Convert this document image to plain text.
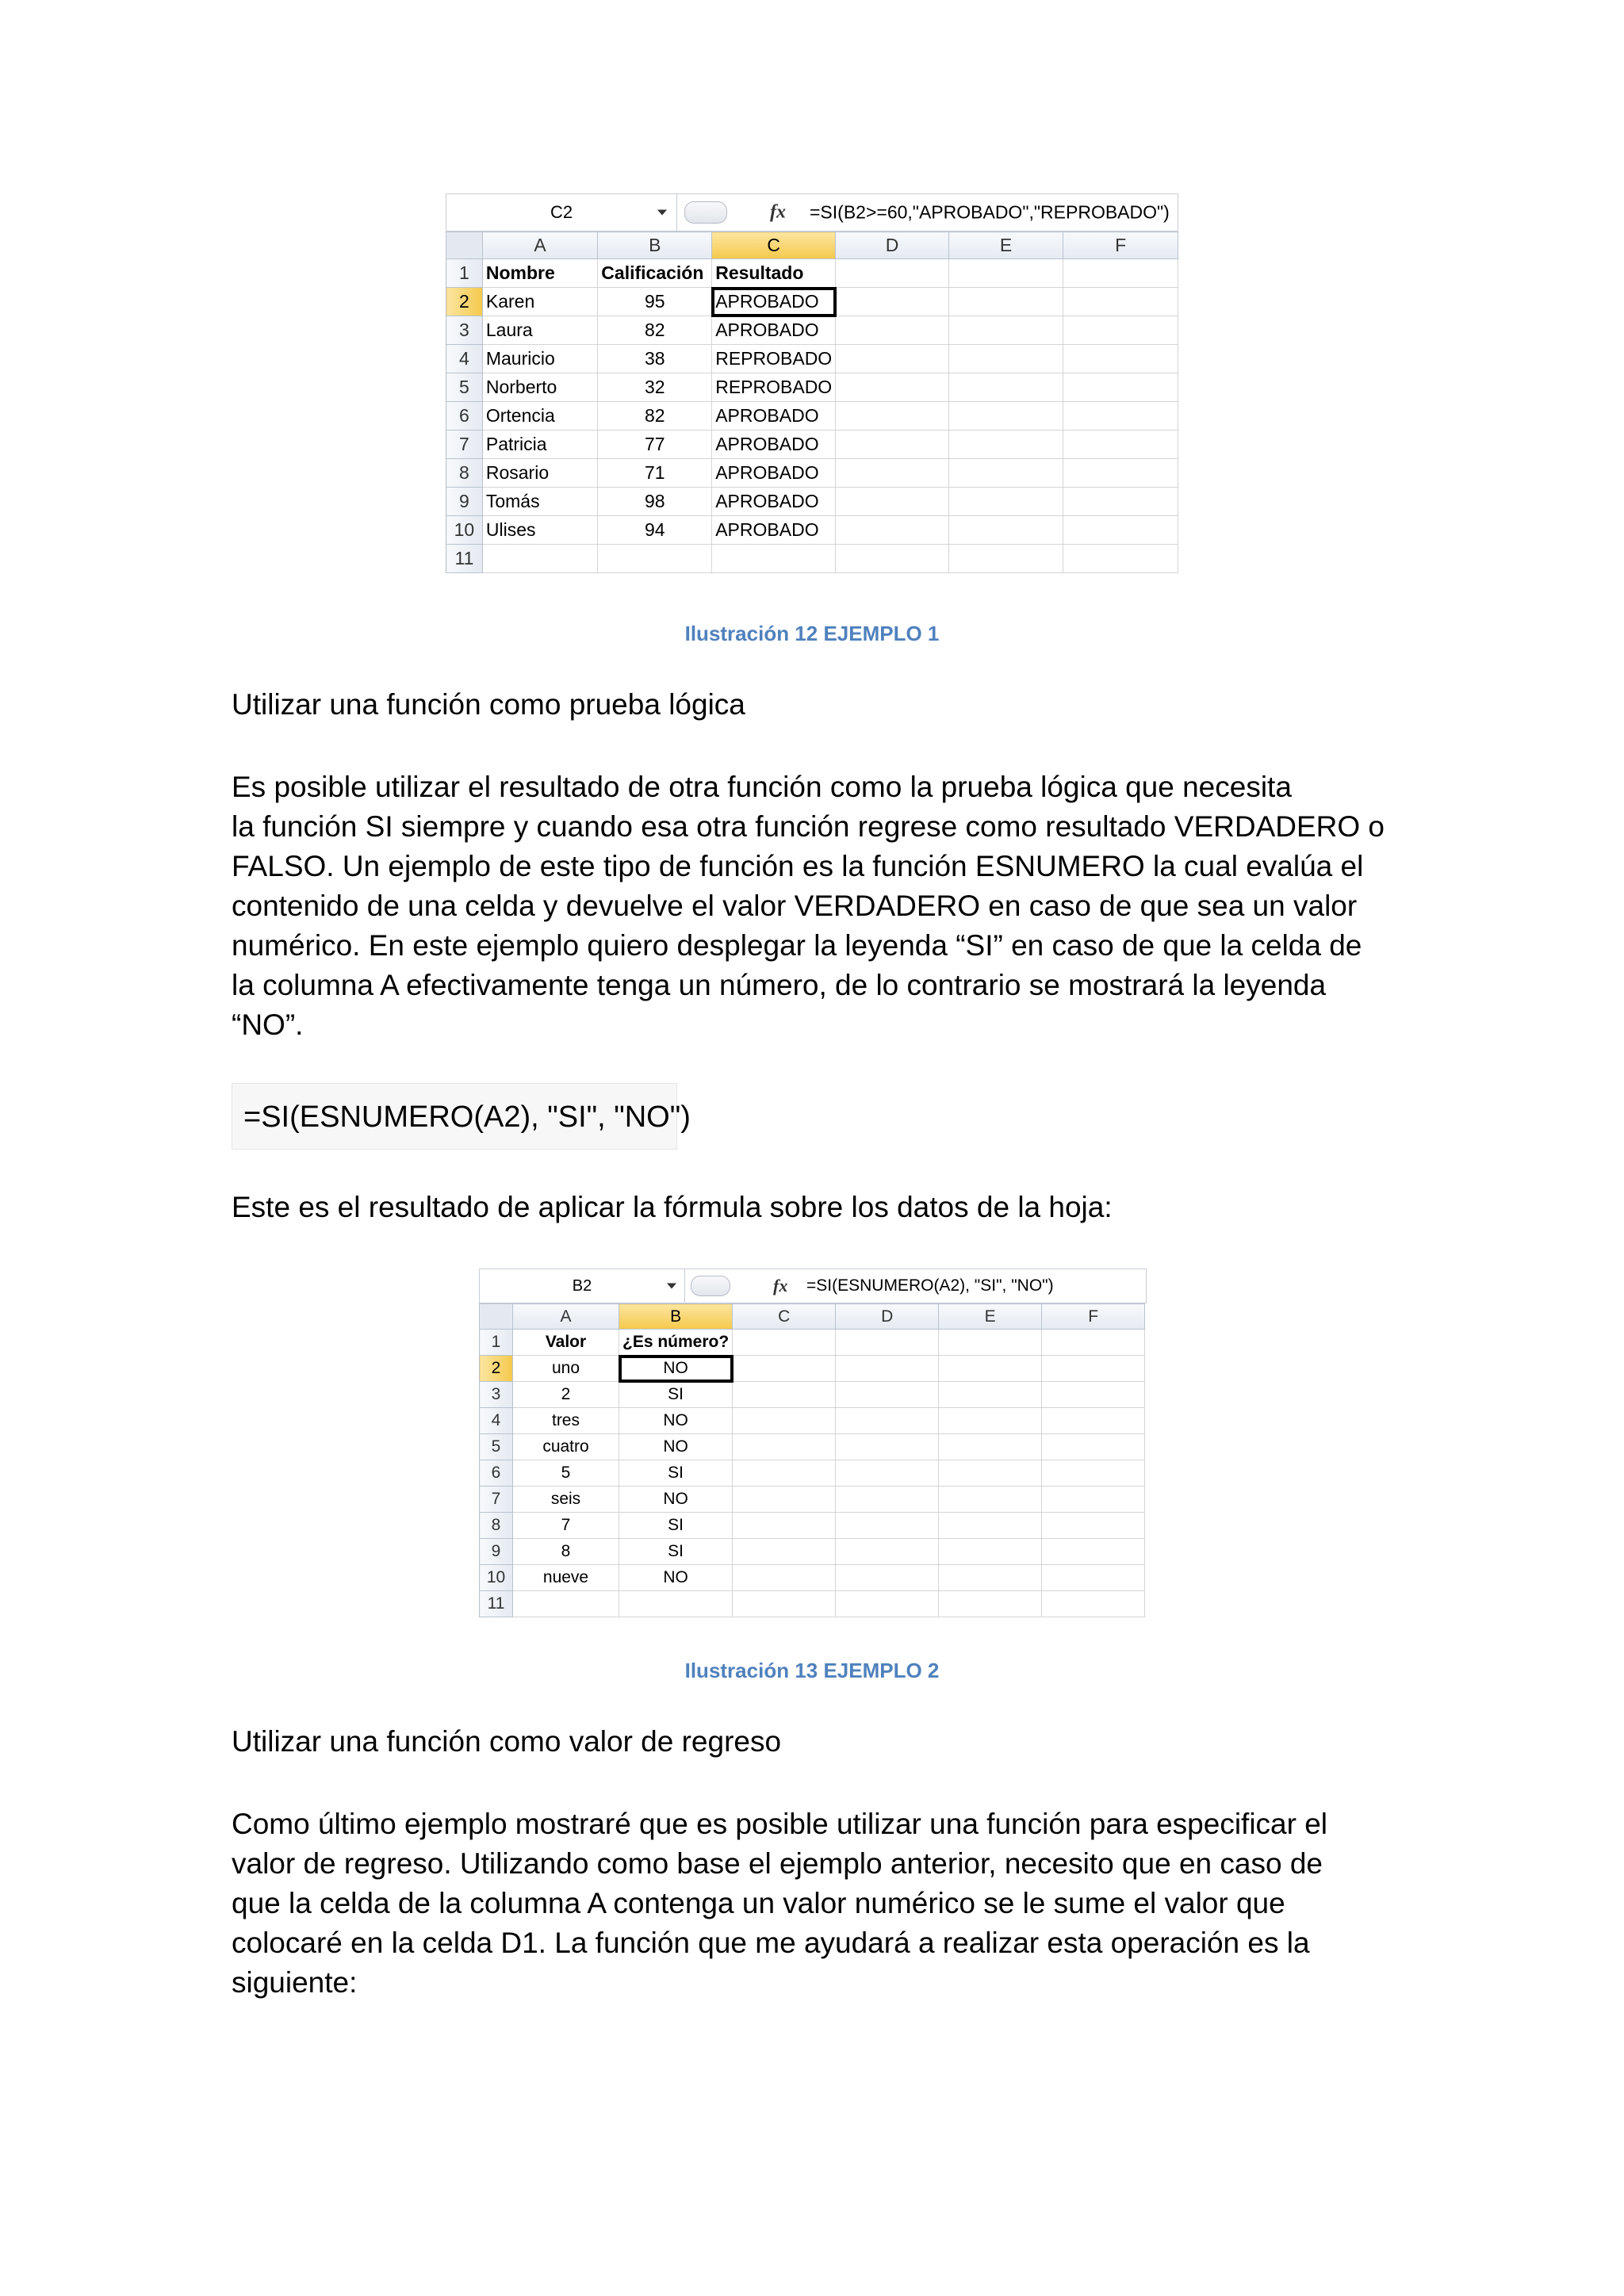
C2	fx =SI(B2>=60,"APROBADO","REPROBADO")
	A	B	C	D	E	F
1	Nombre	Calificación	Resultado			
2	Karen	95	APROBADO			
3	Laura	82	APROBADO			
4	Mauricio	38	REPROBADO			
5	Norberto	32	REPROBADO			
6	Ortencia	82	APROBADO			
7	Patricia	77	APROBADO			
8	Rosario	71	APROBADO			
9	Tomás	98	APROBADO			
10	Ulises	94	APROBADO			
11						
Ilustración 12 EJEMPLO 1
Utilizar una función como prueba lógica
Es posible utilizar el resultado de otra función como la prueba lógica que necesita
la función SI siempre y cuando esa otra función regrese como resultado VERDADERO o
FALSO. Un ejemplo de este tipo de función es la función ESNUMERO la cual evalúa el
contenido de una celda y devuelve el valor VERDADERO en caso de que sea un valor
numérico. En este ejemplo quiero desplegar la leyenda “SI” en caso de que la celda de
la columna A efectivamente tenga un número, de lo contrario se mostrará la leyenda
“NO”.
=SI(ESNUMERO(A2), "SI", "NO")
Este es el resultado de aplicar la fórmula sobre los datos de la hoja:
B2	fx =SI(ESNUMERO(A2), "SI", "NO")
	A	B	C	D	E	F
1	Valor	¿Es número?				
2	uno	NO				
3	2	SI				
4	tres	NO				
5	cuatro	NO				
6	5	SI				
7	seis	NO				
8	7	SI				
9	8	SI				
10	nueve	NO				
11						
Ilustración 13 EJEMPLO 2
Utilizar una función como valor de regreso
Como último ejemplo mostraré que es posible utilizar una función para especificar el
valor de regreso. Utilizando como base el ejemplo anterior, necesito que en caso de
que la celda de la columna A contenga un valor numérico se le sume el valor que
colocaré en la celda D1. La función que me ayudará a realizar esta operación es la
siguiente:
